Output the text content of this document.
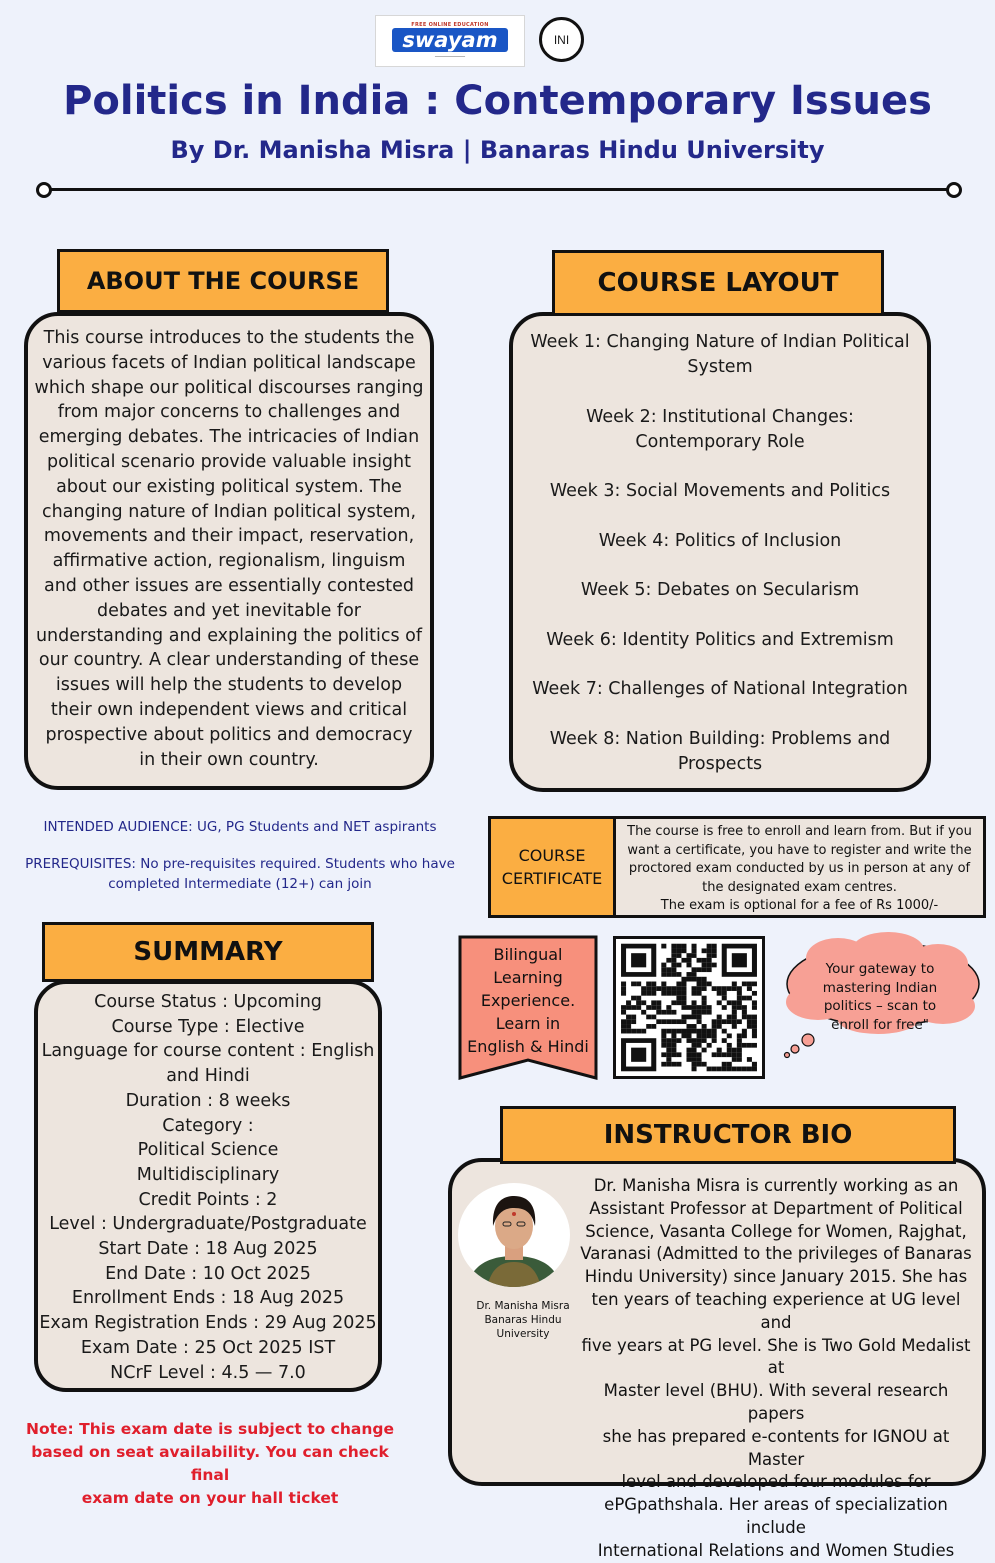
FREE ONLINE EDUCATION
swayam
──────────
INI
Politics in India : Contemporary Issues
By Dr. Manisha Misra | Banaras Hindu University
This course introduces to the students the
various facets of Indian political landscape
which shape our political discourses ranging
from major concerns to challenges and
emerging debates. The intricacies of Indian
political scenario provide valuable insight
about our existing political system. The
changing nature of Indian political system,
movements and their impact, reservation,
affirmative action, regionalism, linguism
and other issues are essentially contested
debates and yet inevitable for
understanding and explaining the politics of
our country. A clear understanding of these
issues will help the students to develop
their own independent views and critical
prospective about politics and democracy
in their own country.
ABOUT THE COURSE

Week 1: Changing Nature of Indian Political

System

Week 2: Institutional Changes:

Contemporary Role

Week 3: Social Movements and Politics

Week 4: Politics of Inclusion

Week 5: Debates on Secularism

Week 6: Identity Politics and Extremism

Week 7: Challenges of National Integration

Week 8: Nation Building: Problems and

Prospects

COURSE LAYOUT
INTENDED AUDIENCE: UG, PG Students and NET aspirants
PREREQUISITES: No pre-requisites required. Students who have
completed Intermediate (12+) can join
COURSE
CERTIFICATE
The course is free to enroll and learn from. But if you
want a certificate, you have to register and write the
proctored exam conducted by us in person at any of
the designated exam centres.
The exam is optional for a fee of Rs 1000/-
Course Status : Upcoming
Course Type : Elective
Language for course content : English
and Hindi
Duration : 8 weeks
Category :
Political Science
Multidisciplinary
Credit Points : 2
Level : Undergraduate/Postgraduate
Start Date : 18 Aug 2025
End Date : 10 Oct 2025
Enrollment Ends : 18 Aug 2025
Exam Registration Ends : 29 Aug 2025
Exam Date : 25 Oct 2025 IST
NCrF Level : 4.5 — 7.0
SUMMARY
Note: This exam date is subject to change
based on seat availability. You can check final
exam date on your hall ticket
Bilingual
Learning
Experience.
Learn in
English & Hindi
Your gateway to
mastering Indian
politics – scan to
enroll for free"
INSTRUCTOR BIO
Dr. Manisha Misra
Banaras Hindu
University
Dr. Manisha Misra is currently working as an
Assistant Professor at Department of Political
Science, Vasanta College for Women, Rajghat,
Varanasi (Admitted to the privileges of Banaras
Hindu University) since January 2015. She has
ten years of teaching experience at UG level and
five years at PG level. She is Two Gold Medalist at
Master level (BHU). With several research papers
she has prepared e-contents for IGNOU at Master
level and developed four modules for
ePGpathshala. Her areas of specialization include
International Relations and Women Studies
